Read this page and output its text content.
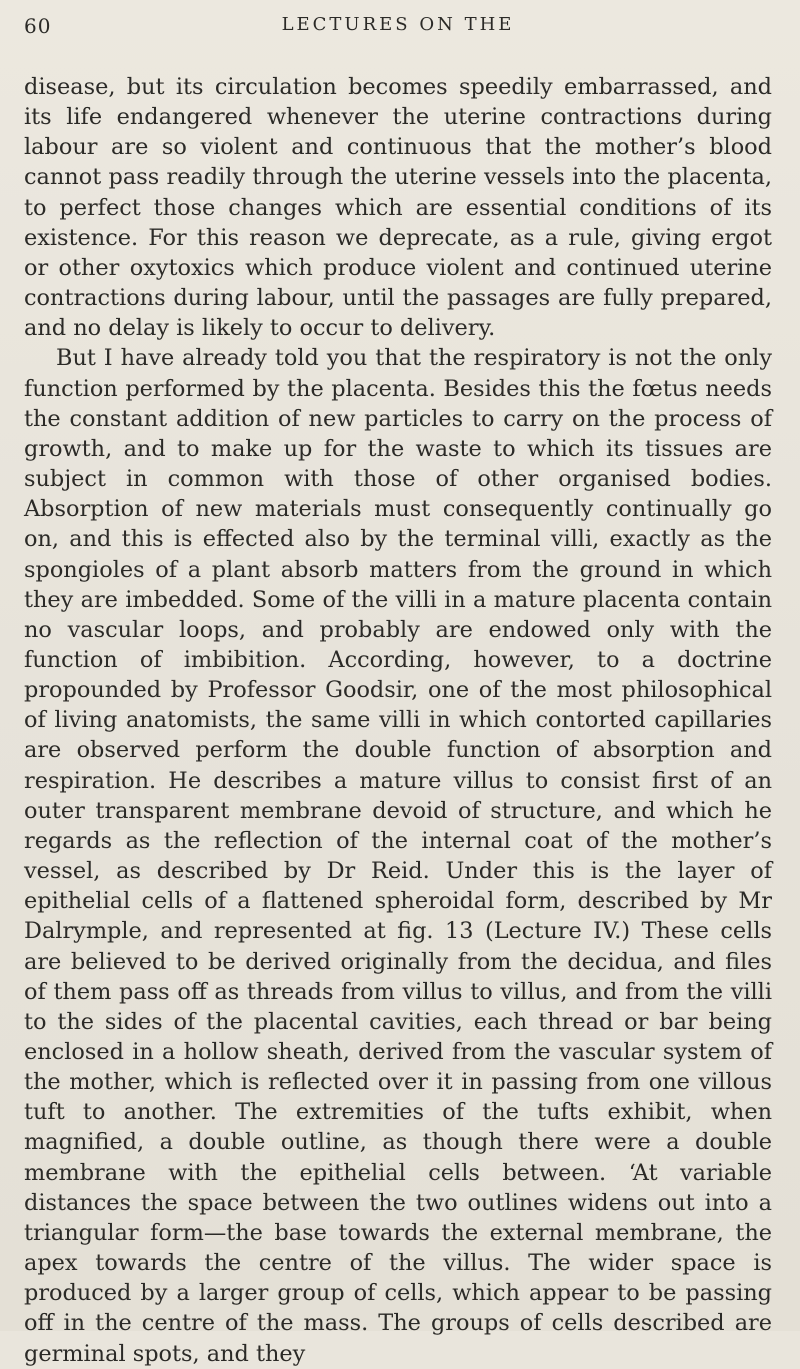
60	LECTURES ON THE

disease, but its circulation becomes speedily embarrassed, and its life endangered whenever the uterine contractions during labour are so violent and continuous that the mother’s blood cannot pass readily through the uterine vessels into the placenta, to perfect those changes which are essential conditions of its existence. For this reason we deprecate, as a rule, giving ergot or other oxytoxics which produce violent and continued uterine contractions during labour, until the passages are fully prepared, and no delay is likely to occur to delivery.

But I have already told you that the respiratory is not the only function performed by the placenta. Besides this the fœtus needs the constant addition of new particles to carry on the process of growth, and to make up for the waste to which its tissues are subject in common with those of other organised bodies. Absorption of new materials must consequently continually go on, and this is effected also by the terminal villi, exactly as the spongioles of a plant absorb matters from the ground in which they are imbedded. Some of the villi in a mature placenta contain no vascular loops, and probably are endowed only with the function of imbibition. According, however, to a doctrine propounded by Professor Goodsir, one of the most philosophical of living anatomists, the same villi in which contorted capillaries are observed perform the double function of absorption and respiration. He describes a mature villus to consist first of an outer transparent membrane devoid of structure, and which he regards as the reflection of the internal coat of the mother’s vessel, as described by Dr Reid. Under this is the layer of epithelial cells of a flattened spheroidal form, described by Mr Dalrymple, and represented at fig. 13 (Lecture IV.) These cells are believed to be derived originally from the decidua, and files of them pass off as threads from villus to villus, and from the villi to the sides of the placental cavities, each thread or bar being enclosed in a hollow sheath, derived from the vascular system of the mother, which is reflected over it in passing from one villous tuft to another. The extremities of the tufts exhibit, when magnified, a double outline, as though there were a double membrane with the epithelial cells between. ‘At variable distances the space between the two outlines widens out into a triangular form—the base towards the external membrane, the apex towards the centre of the villus. The wider space is produced by a larger group of cells, which appear to be passing off in the centre of the mass. The groups of cells described are germinal spots, and they
